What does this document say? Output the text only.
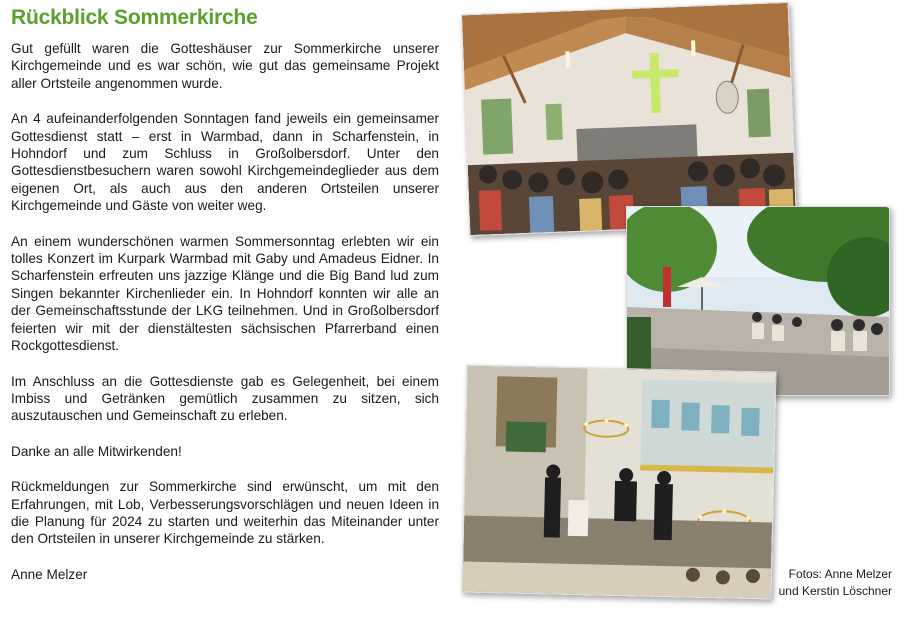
Rückblick Sommerkirche

Gut gefüllt waren die Gotteshäuser zur Sommerkirche unserer Kirchgemeinde und es war schön, wie gut das gemeinsame Projekt aller Ortsteile angenommen wurde.

An 4 aufeinanderfolgenden Sonntagen fand jeweils ein gemeinsamer Gottesdienst statt – erst in Warmbad, dann in Scharfenstein, in Hohndorf und zum Schluss in Großolbersdorf. Unter den Gottesdienstbesuchern waren sowohl Kirchgemeindeglieder aus dem eigenen Ort, als auch aus den anderen Ortsteilen unserer Kirchgemeinde und Gäste von weiter weg.

An einem wunderschönen warmen Sommersonntag erlebten wir ein tolles Konzert im Kurpark Warmbad mit Gaby und Amadeus Eidner. In Scharfenstein erfreuten uns jazzige Klänge und die Big Band lud zum Singen bekannter Kirchenlieder ein. In Hohndorf konnten wir alle an der Gemeinschaftsstunde der LKG teilnehmen. Und in Großolbersdorf feierten wir mit der dienstältesten sächsischen Pfarrerband einen Rockgottesdienst.

Im Anschluss an die Gottesdienste gab es Gelegenheit, bei einem Imbiss und Getränken gemütlich zusammen zu sitzen, sich auszutauschen und Gemeinschaft zu erleben.

Danke an alle Mitwirkenden!

Rückmeldungen zur Sommerkirche sind erwünscht, um mit den Erfahrungen, mit Lob, Verbesserungsvorschlägen und neuen Ideen in die Planung für 2024 zu starten und weiterhin das Miteinander unter den Ortsteilen in unserer Kirchgemeinde zu stärken.

Anne Melzer	Fotos: Anne Melzer
und Kerstin Löschner
